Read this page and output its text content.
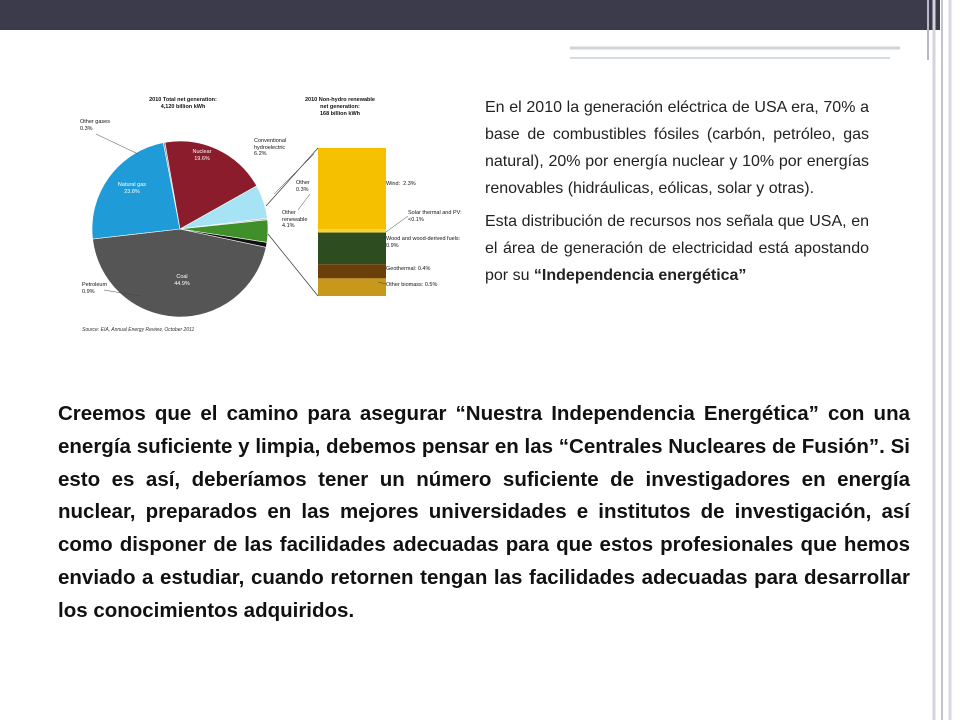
2010 Total net generation:
4,120 billion kWh
Other gases
0.3%
Natural gas
23.8%
Nuclear
19.6%
Conventional hydroelectric
6.2%
Other
0.3%
Other renewable
4.1%
Coal
44.9%
Petroleum
0.9%
2010 Non-hydro renewable
net generation:
168 billion kWh
Wind:  2.3%
Solar thermal and PV: <0.1%
Wood and wood-derived fuels: 0.9%
Geothermal: 0.4%
Other biomass: 0.5%
Source: EIA, Annual Energy Review, October 2011

En el 2010 la generación eléctrica de USA era, 70% a base de combustibles fósiles (carbón, petróleo, gas natural), 20% por energía nuclear y 10% por energías renovables (hidráulicas, eólicas, solar y otras).

Esta distribución de recursos nos señala que USA, en el área de generación de electricidad está apostando por su “Independencia energética”

Creemos que el camino para asegurar “Nuestra Independencia Energética” con una energía suficiente y limpia, debemos pensar en las “Centrales Nucleares de Fusión”. Si esto es así, deberíamos tener un número suficiente de investigadores en energía nuclear, preparados en las mejores universidades e institutos de investigación, así como disponer de las facilidades adecuadas para que estos profesionales que hemos enviado a estudiar, cuando retornen tengan las facilidades adecuadas para desarrollar los conocimientos adquiridos.
